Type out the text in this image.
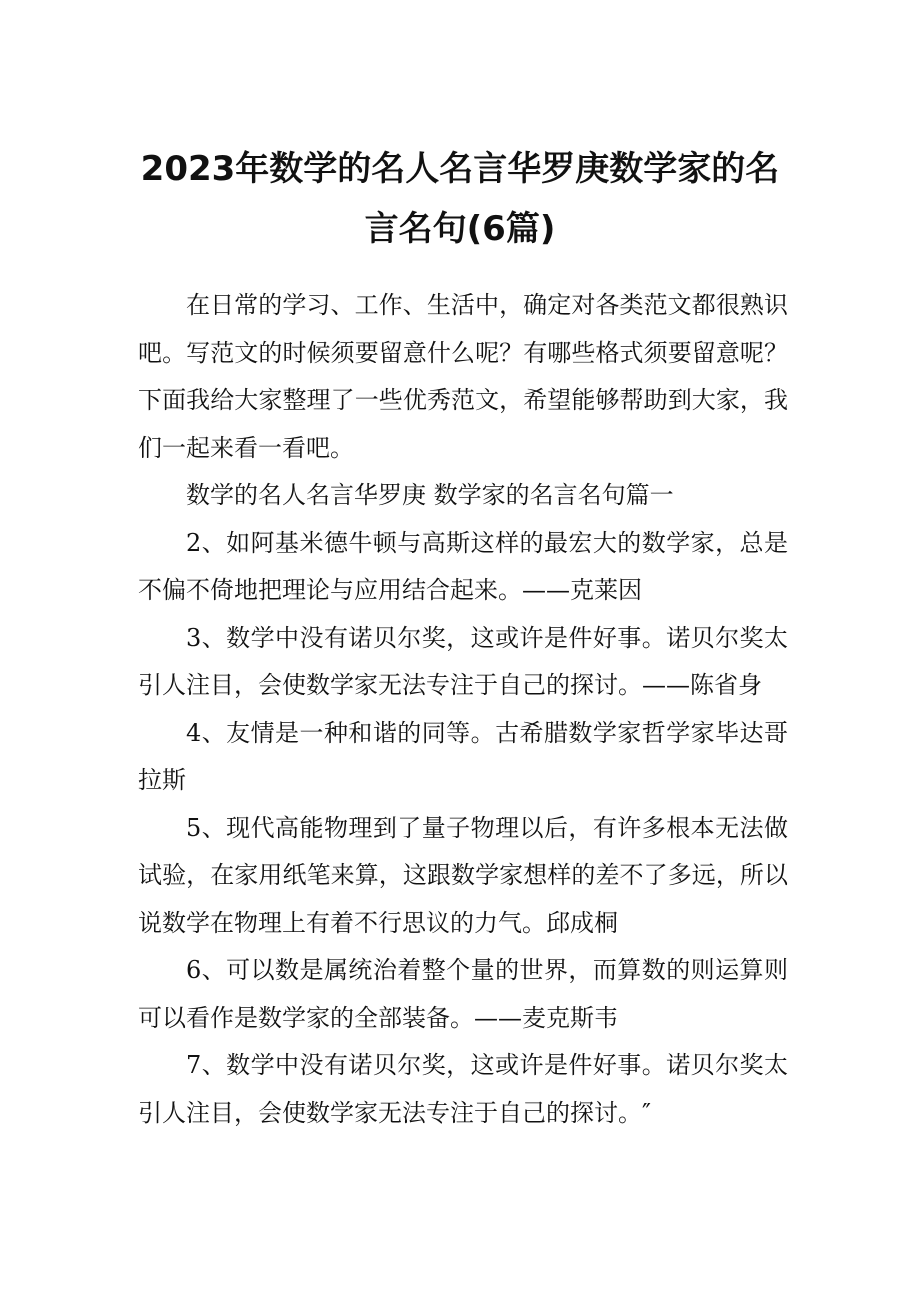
2023年数学的名人名言华罗庚数学家的名
言名句(6篇)

在日常的学习、工作、生活中，确定对各类范文都很熟识吧。写范文的时候须要留意什么呢？有哪些格式须要留意呢？下面我给大家整理了一些优秀范文，希望能够帮助到大家，我们一起来看一看吧。

数学的名人名言华罗庚 数学家的名言名句篇一

2、如阿基米德牛顿与高斯这样的最宏大的数学家，总是不偏不倚地把理论与应用结合起来。——克莱因

3、数学中没有诺贝尔奖，这或许是件好事。诺贝尔奖太引人注目，会使数学家无法专注于自己的探讨。——陈省身

4、友情是一种和谐的同等。古希腊数学家哲学家毕达哥拉斯

5、现代高能物理到了量子物理以后，有许多根本无法做试验，在家用纸笔来算，这跟数学家想样的差不了多远，所以说数学在物理上有着不行思议的力气。邱成桐

6、可以数是属统治着整个量的世界，而算数的则运算则可以看作是数学家的全部装备。——麦克斯韦

7、数学中没有诺贝尔奖，这或许是件好事。诺贝尔奖太引人注目，会使数学家无法专注于自己的探讨。″
